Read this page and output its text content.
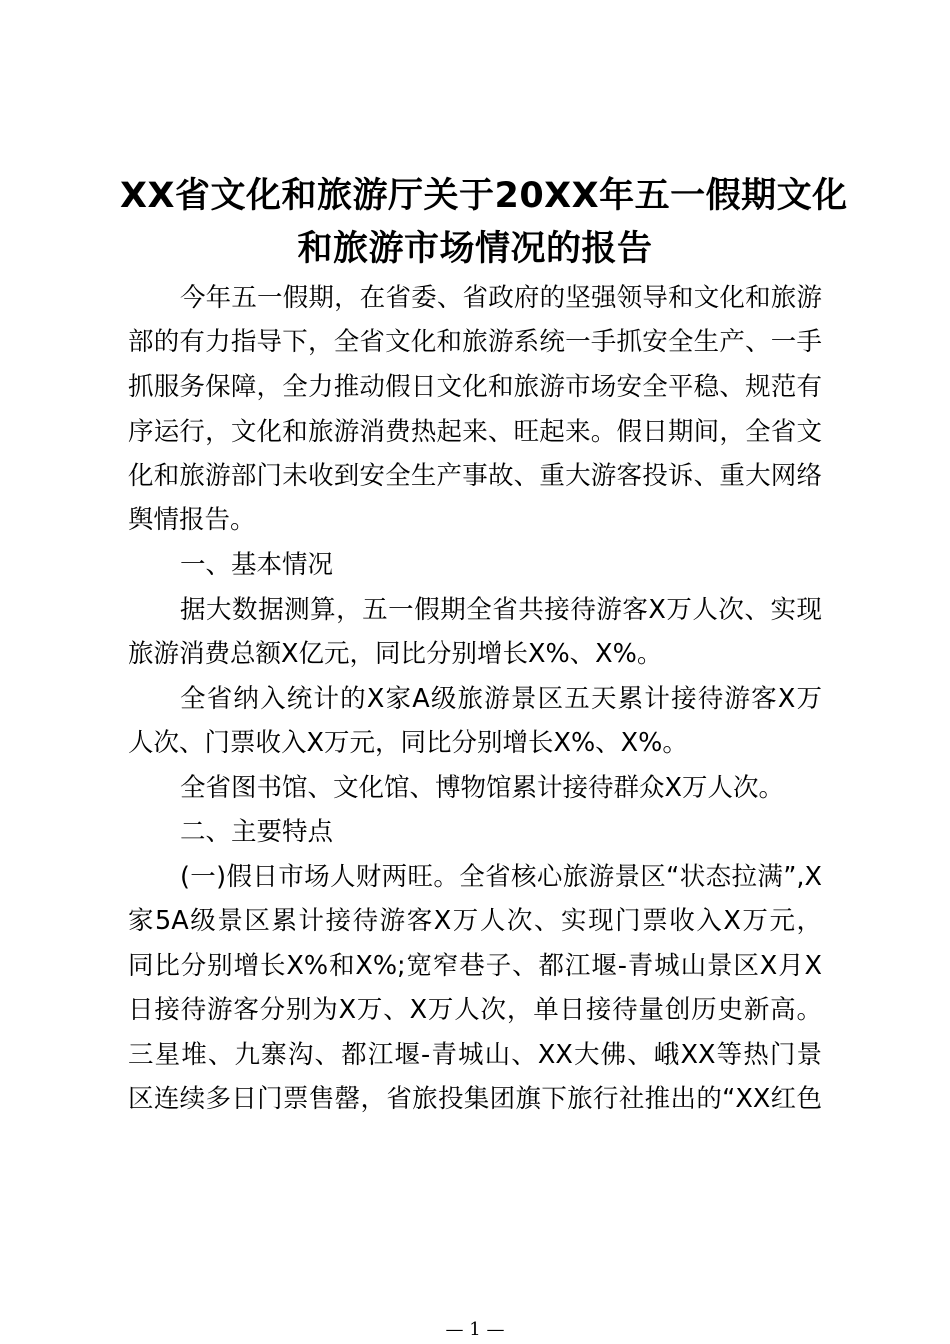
XX省文化和旅游厅关于20XX年五一假期文化
和旅游市场情况的报告
今年五一假期，在省委、省政府的坚强领导和文化和旅游
部的有力指导下，全省文化和旅游系统一手抓安全生产、一手
抓服务保障，全力推动假日文化和旅游市场安全平稳、规范有
序运行，文化和旅游消费热起来、旺起来。假日期间，全省文
化和旅游部门未收到安全生产事故、重大游客投诉、重大网络
舆情报告。
一、基本情况
据大数据测算，五一假期全省共接待游客X万人次、实现
旅游消费总额X亿元，同比分别增长X%、X%。
全省纳入统计的X家A级旅游景区五天累计接待游客X万
人次、门票收入X万元，同比分别增长X%、X%。
全省图书馆、文化馆、博物馆累计接待群众X万人次。
二、主要特点
(一)假日市场人财两旺。全省核心旅游景区“状态拉满”,X
家5A级景区累计接待游客X万人次、实现门票收入X万元，
同比分别增长X%和X%;宽窄巷子、都江堰-青城山景区X月X
日接待游客分别为X万、X万人次，单日接待量创历史新高。
三星堆、九寨沟、都江堰-青城山、XX大佛、峨XX等热门景
区连续多日门票售罄，省旅投集团旗下旅行社推出的“XX红色
— 1 —
